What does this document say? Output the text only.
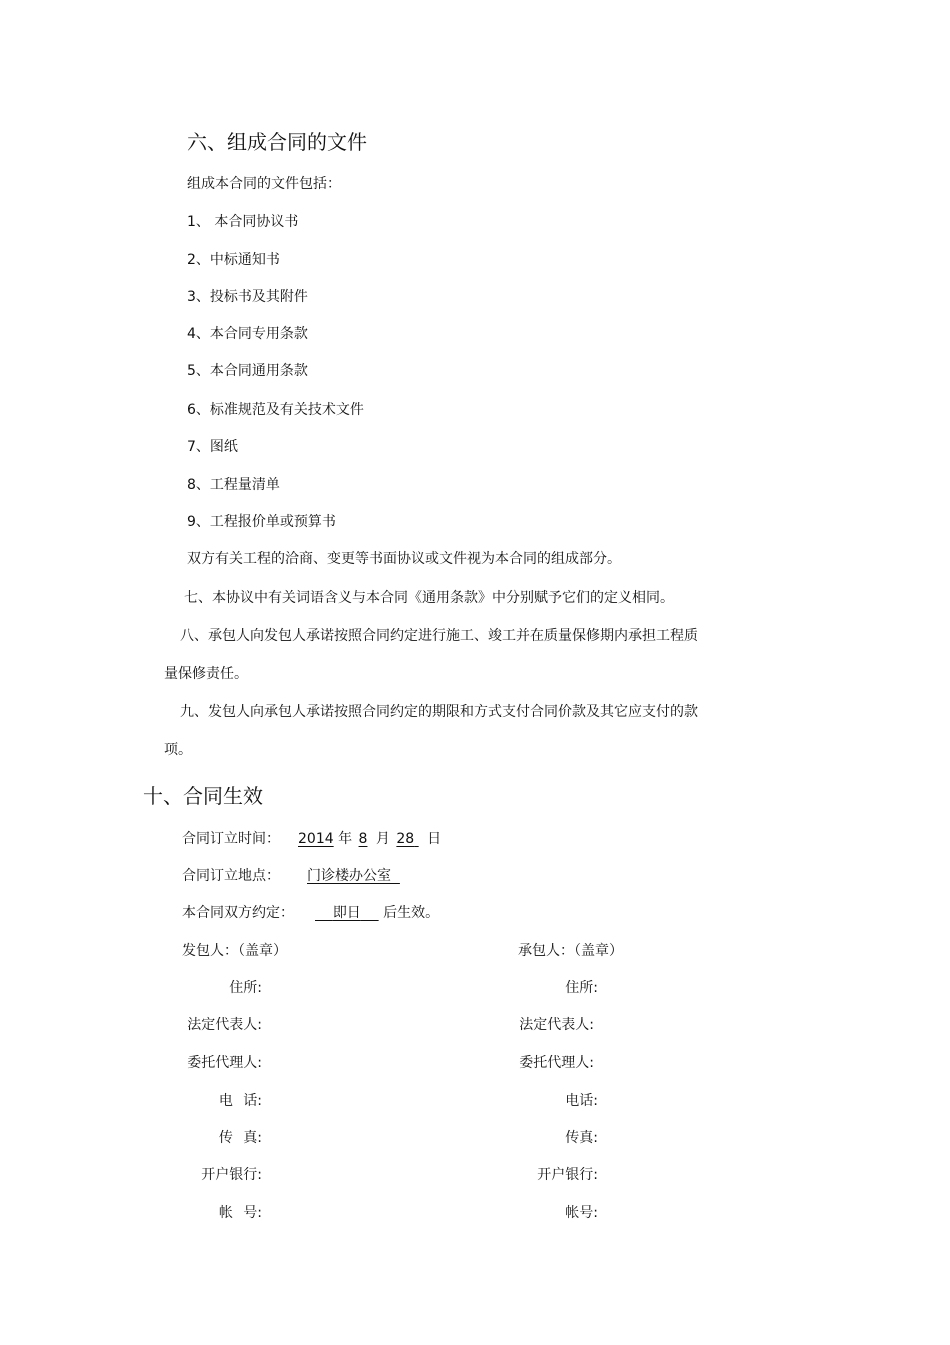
六、组成合同的文件
组成本合同的文件包括：
1、 本合同协议书
2、中标通知书
3、投标书及其附件
4、本合同专用条款
5、本合同通用条款
6、标准规范及有关技术文件
7、图纸
8、工程量清单
9、工程报价单或预算书
双方有关工程的洽商、变更等书面协议或文件视为本合同的组成部分。
七、本协议中有关词语含义与本合同《通用条款》中分别赋予它们的定义相同。
八、承包人向发包人承诺按照合同约定进行施工、竣工并在质量保修期内承担工程质
量保修责任。
九、发包人向承包人承诺按照合同约定的期限和方式支付合同价款及其它应支付的款
项。
十、合同生效
合同订立时间： 2014 年 8 月 28 日
合同订立地点： 门诊楼办公室
本合同双方约定：	即日 后生效。
发包人：（盖章）
住所:
法定代表人:
委托代理人:
电 话:
传 真:
开户银行:
帐 号:
承包人：（盖章）
住所:
法定代表人:
委托代理人:
电话:
传真:
开户银行:
帐号:
